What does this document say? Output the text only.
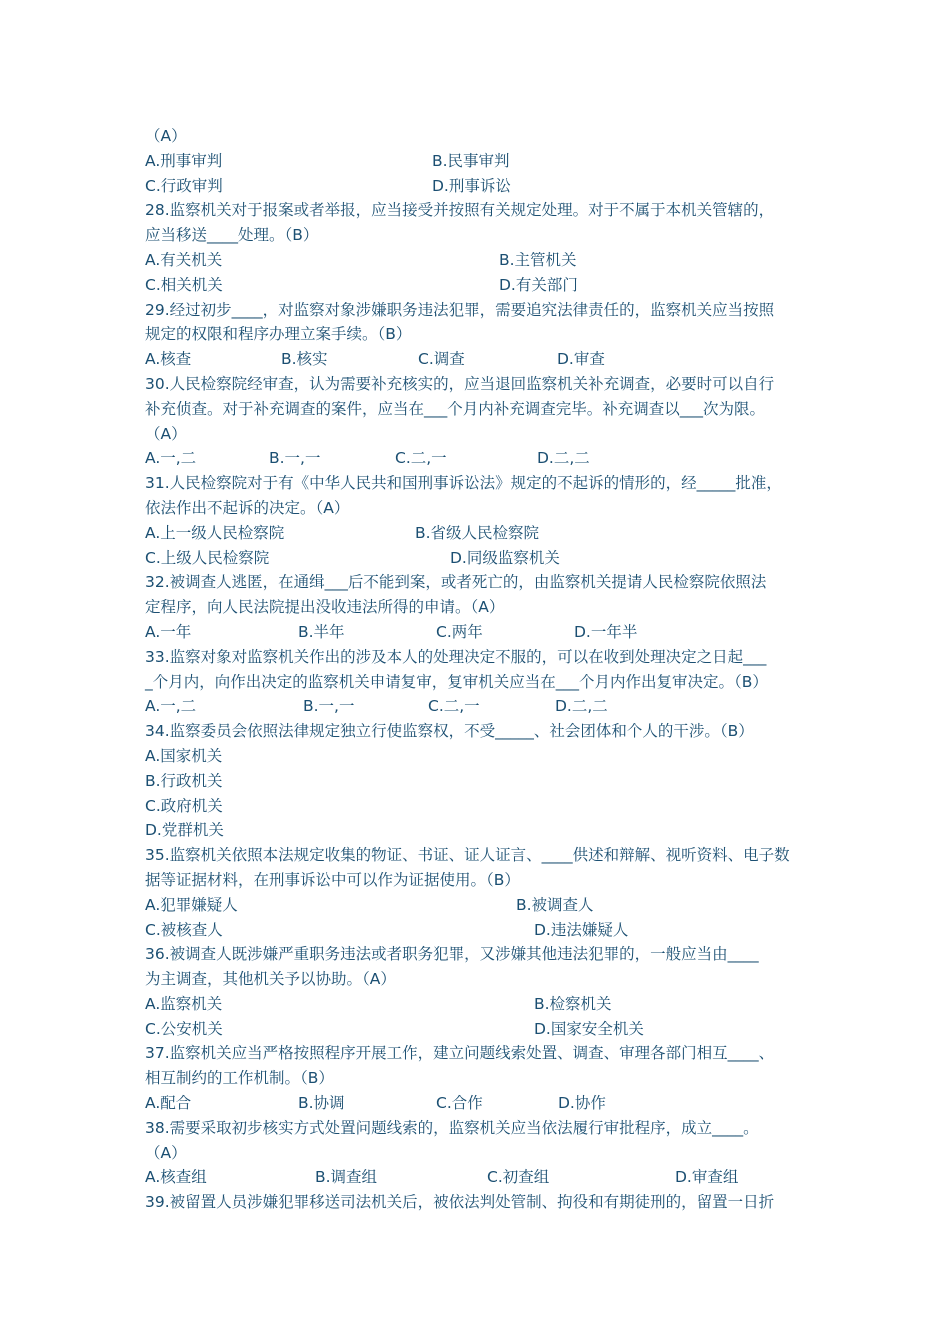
（A）
A.刑事审判	B.民事审判
C.行政审判	D.刑事诉讼
28.监察机关对于报案或者举报，应当接受并按照有关规定处理。对于不属于本机关管辖的，
应当移送____处理。（B）
A.有关机关	B.主管机关
C.相关机关	D.有关部门
29.经过初步____，对监察对象涉嫌职务违法犯罪，需要追究法律责任的，监察机关应当按照
规定的权限和程序办理立案手续。（B）
A.核查	B.核实	C.调查	D.审查
30.人民检察院经审查，认为需要补充核实的，应当退回监察机关补充调查，必要时可以自行
补充侦查。对于补充调查的案件，应当在___个月内补充调查完毕。补充调查以___次为限。
（A）
A.一,二	B.一,一	C.二,一	D.二,二
31.人民检察院对于有《中华人民共和国刑事诉讼法》规定的不起诉的情形的，经_____批准，
依法作出不起诉的决定。（A）
A.上一级人民检察院	B.省级人民检察院
C.上级人民检察院	D.同级监察机关
32.被调查人逃匿，在通缉___后不能到案，或者死亡的，由监察机关提请人民检察院依照法
定程序，向人民法院提出没收违法所得的申请。（A）
A.一年	B.半年	C.两年	D.一年半
33.监察对象对监察机关作出的涉及本人的处理决定不服的，可以在收到处理决定之日起___
_个月内，向作出决定的监察机关申请复审，复审机关应当在___个月内作出复审决定。（B）
A.一,二	B.一,一	C.二,一	D.二,二
34.监察委员会依照法律规定独立行使监察权，不受_____、社会团体和个人的干涉。（B）
A.国家机关
B.行政机关
C.政府机关
D.党群机关
35.监察机关依照本法规定收集的物证、书证、证人证言、____供述和辩解、视听资料、电子数
据等证据材料，在刑事诉讼中可以作为证据使用。（B）
A.犯罪嫌疑人	B.被调查人
C.被核查人	D.违法嫌疑人
36.被调查人既涉嫌严重职务违法或者职务犯罪，又涉嫌其他违法犯罪的，一般应当由____
为主调查，其他机关予以协助。（A）
A.监察机关	B.检察机关
C.公安机关	D.国家安全机关
37.监察机关应当严格按照程序开展工作，建立问题线索处置、调查、审理各部门相互____、
相互制约的工作机制。（B）
A.配合	B.协调	C.合作	D.协作
38.需要采取初步核实方式处置问题线索的，监察机关应当依法履行审批程序，成立____。
（A）
A.核查组	B.调查组	C.初查组	D.审查组
39.被留置人员涉嫌犯罪移送司法机关后，被依法判处管制、拘役和有期徒刑的，留置一日折
